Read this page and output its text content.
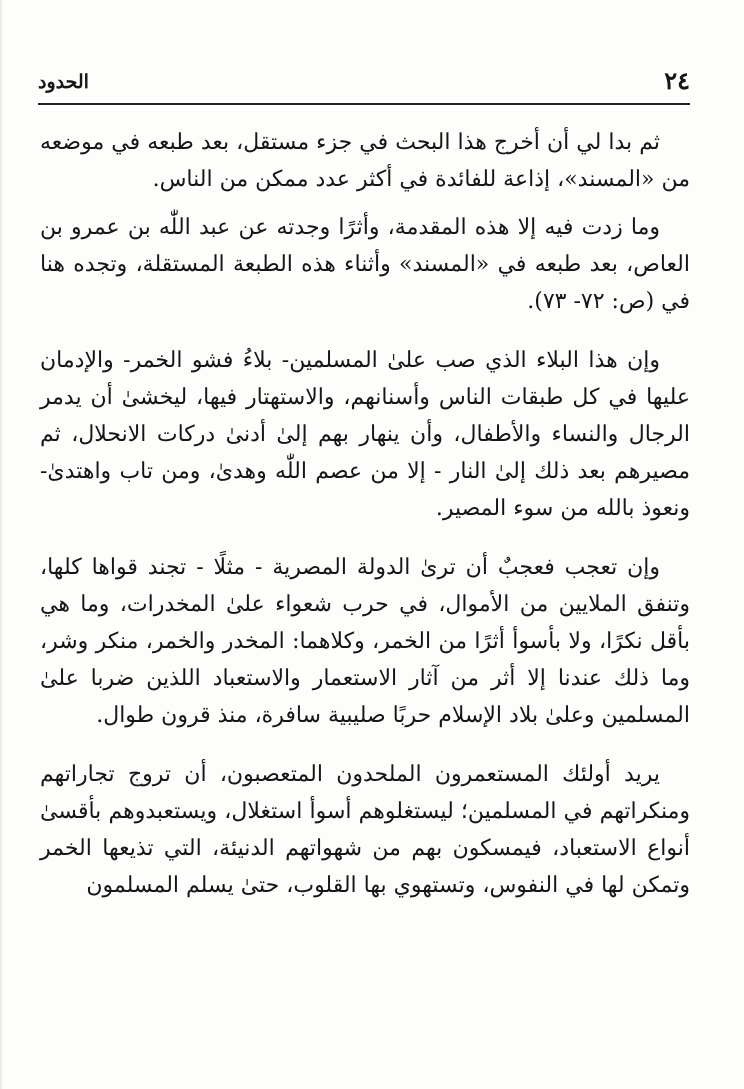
٢٤
الحدود

ثم بدا لي أن أخرج هذا البحث في جزء مستقل، بعد طبعه في موضعه من «المسند»، إذاعة للفائدة في أكثر عدد ممكن من الناس.

وما زدت فيه إلا هذه المقدمة، وأثرًا وجدته عن عبد اللّٰه بن عمرو بن العاص، بعد طبعه في «المسند» وأثناء هذه الطبعة المستقلة، وتجده هنا في (ص: ٧٢- ٧٣).

وإن هذا البلاء الذي صب علىٰ المسلمين- بلاءُ فشو الخمر- والإدمان عليها في كل طبقات الناس وأسنانهم، والاستهتار فيها، ليخشىٰ أن يدمر الرجال والنساء والأطفال، وأن ينهار بهم إلىٰ أدنىٰ دركات الانحلال، ثم مصيرهم بعد ذلك إلىٰ النار - إلا من عصم اللّٰه وهدىٰ، ومن تاب واهتدىٰ- ونعوذ بالله من سوء المصير.

وإن تعجب فعجبٌ أن ترىٰ الدولة المصرية - مثلًا - تجند قواها كلها، وتنفق الملايين من الأموال، في حرب شعواء علىٰ المخدرات، وما هي بأقل نكرًا، ولا بأسوأ أثرًا من الخمر، وكلاهما: المخدر والخمر، منكر وشر، وما ذلك عندنا إلا أثر من آثار الاستعمار والاستعباد اللذين ضربا علىٰ المسلمين وعلىٰ بلاد الإسلام حربًا صليبية سافرة، منذ قرون طوال.

يريد أولئك المستعمرون الملحدون المتعصبون، أن تروج تجاراتهم ومنكراتهم في المسلمين؛ ليستغلوهم أسوأ استغلال، ويستعبدوهم بأقسىٰ أنواع الاستعباد، فيمسكون بهم من شهواتهم الدنيئة، التي تذيعها الخمر وتمكن لها في النفوس، وتستهوي بها القلوب، حتىٰ يسلم المسلمون
